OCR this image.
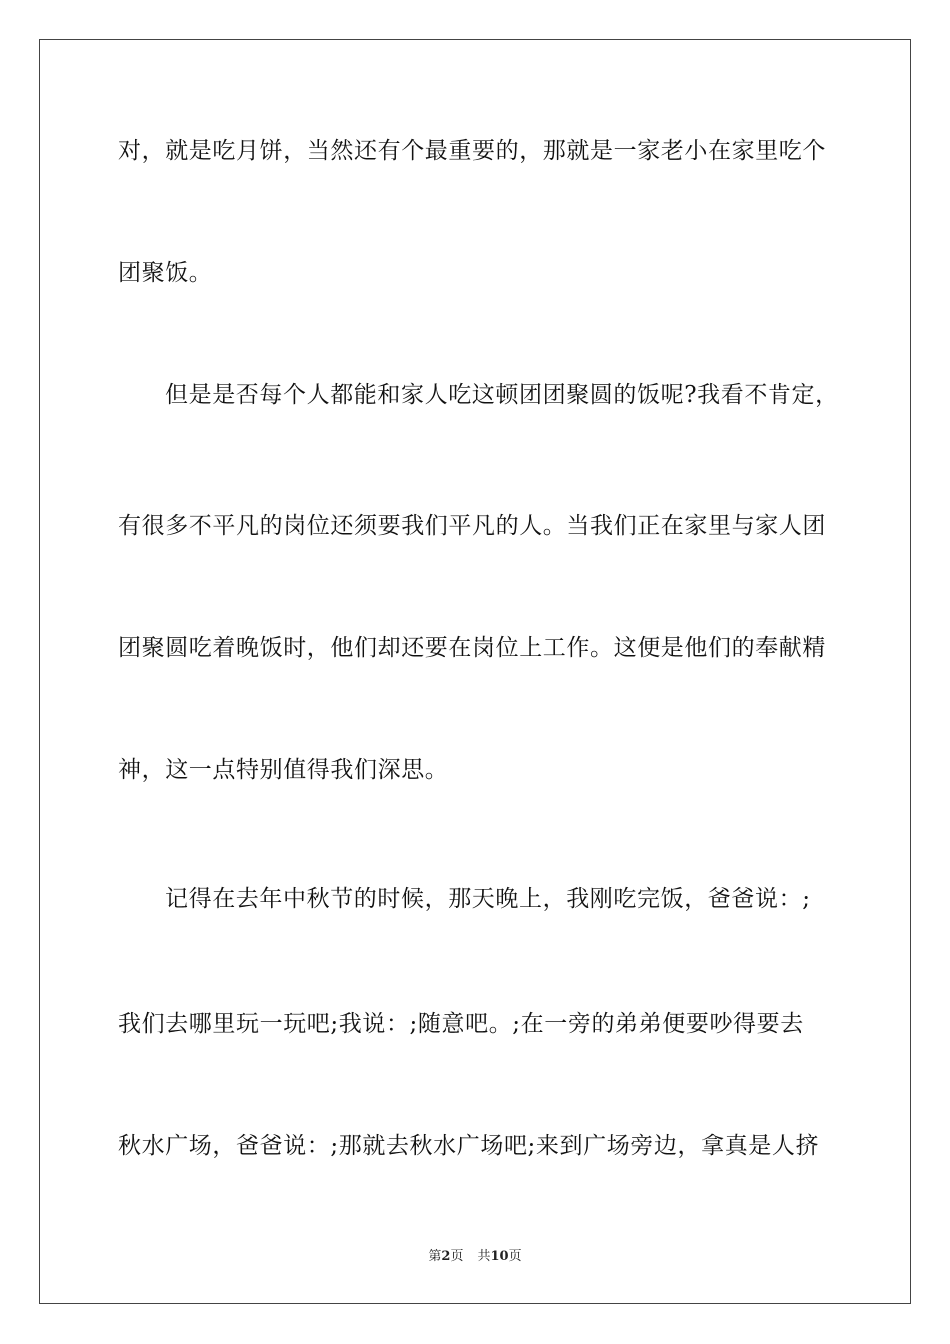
对，就是吃月饼，当然还有个最重要的，那就是一家老小在家里吃个
团聚饭。
但是是否每个人都能和家人吃这顿团团聚圆的饭呢?我看不肯定，
有很多不平凡的岗位还须要我们平凡的人。当我们正在家里与家人团
团聚圆吃着晚饭时，他们却还要在岗位上工作。这便是他们的奉献精
神，这一点特别值得我们深思。
记得在去年中秋节的时候，那天晚上，我刚吃完饭，爸爸说：;
我们去哪里玩一玩吧;我说：;随意吧。;在一旁的弟弟便要吵得要去
秋水广场，爸爸说：;那就去秋水广场吧;来到广场旁边，拿真是人挤
第2页 共10页
